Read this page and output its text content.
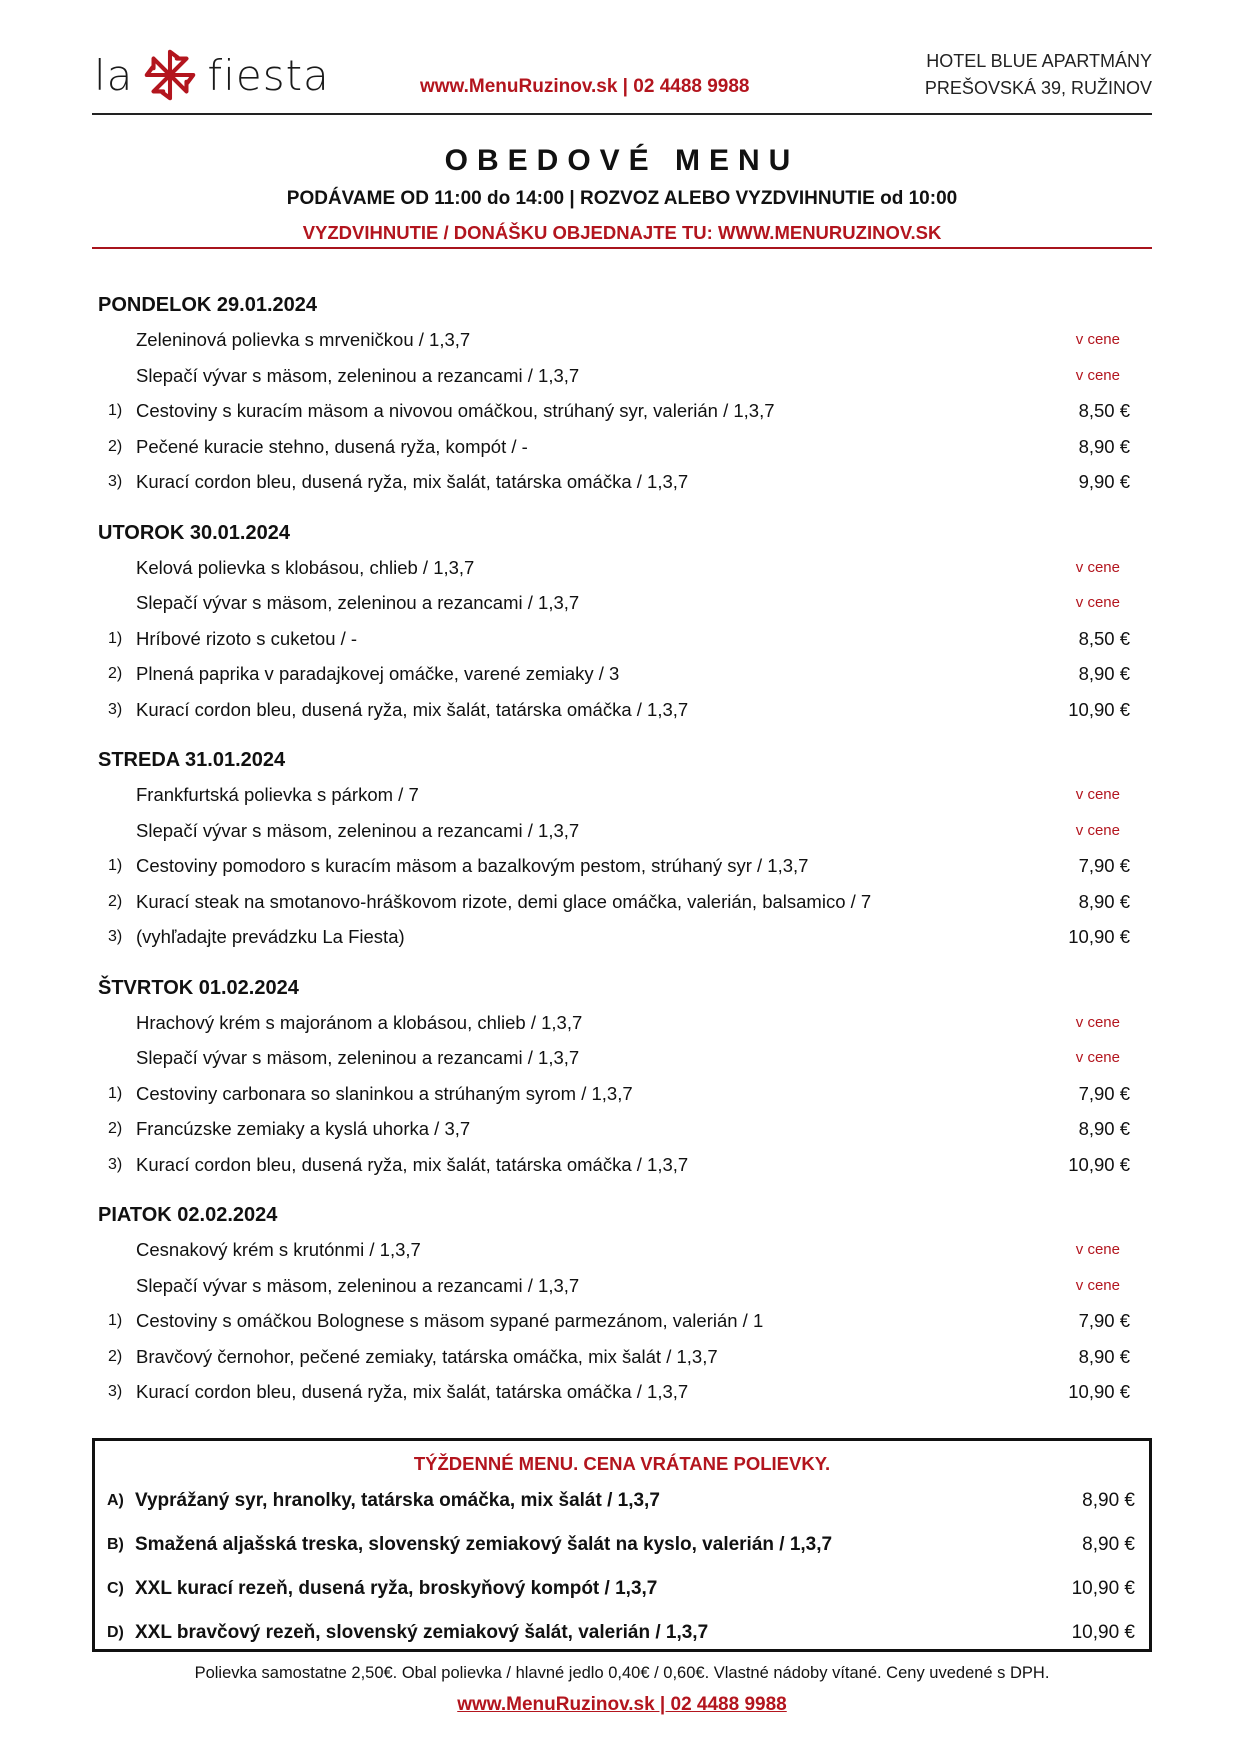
la fiesta	www.MenuRuzinov.sk | 02 4488 9988
HOTEL BLUE APARTMÁNY
PREŠOVSKÁ 39, RUŽINOV
OBEDOVÉ MENU
PODÁVAME OD 11:00 do 14:00 | ROZVOZ ALEBO VYZDVIHNUTIE od 10:00
VYZDVIHNUTIE / DONÁŠKU OBJEDNAJTE TU: WWW.MENURUZINOV.SK
PONDELOK 29.01.2024
Zeleninová polievka s mrveničkou / 1,3,7	v cene
Slepačí vývar s mäsom, zeleninou a rezancami / 1,3,7	v cene
1) Cestoviny s kuracím mäsom a nivovou omáčkou, strúhaný syr, valerián / 1,3,7	8,50 €
2) Pečené kuracie stehno, dusená ryža, kompót / -	8,90 €
3) Kurací cordon bleu, dusená ryža, mix šalát, tatárska omáčka / 1,3,7	9,90 €
UTOROK 30.01.2024
Kelová polievka s klobásou, chlieb / 1,3,7	v cene
Slepačí vývar s mäsom, zeleninou a rezancami / 1,3,7	v cene
1) Hríbové rizoto s cuketou / -	8,50 €
2) Plnená paprika v paradajkovej omáčke, varené zemiaky / 3	8,90 €
3) Kurací cordon bleu, dusená ryža, mix šalát, tatárska omáčka / 1,3,7	10,90 €
STREDA 31.01.2024
Frankfurtská polievka s párkom / 7	v cene
Slepačí vývar s mäsom, zeleninou a rezancami / 1,3,7	v cene
1) Cestoviny pomodoro s kuracím mäsom a bazalkovým pestom, strúhaný syr / 1,3,7	7,90 €
2) Kurací steak na smotanovo-hráškovom rizote, demi glace omáčka, valerián, balsamico / 7	8,90 €
3) (vyhľadajte prevádzku La Fiesta)	10,90 €
ŠTVRTOK 01.02.2024
Hrachový krém s majoránom a klobásou, chlieb / 1,3,7	v cene
Slepačí vývar s mäsom, zeleninou a rezancami / 1,3,7	v cene
1) Cestoviny carbonara so slaninkou a strúhaným syrom / 1,3,7	7,90 €
2) Francúzske zemiaky a kyslá uhorka / 3,7	8,90 €
3) Kurací cordon bleu, dusená ryža, mix šalát, tatárska omáčka / 1,3,7	10,90 €
PIATOK 02.02.2024
Cesnakový krém s krutónmi / 1,3,7	v cene
Slepačí vývar s mäsom, zeleninou a rezancami / 1,3,7	v cene
1) Cestoviny s omáčkou Bolognese s mäsom sypané parmezánom, valerián / 1	7,90 €
2) Bravčový černohor, pečené zemiaky, tatárska omáčka, mix šalát / 1,3,7	8,90 €
3) Kurací cordon bleu, dusená ryža, mix šalát, tatárska omáčka / 1,3,7	10,90 €
TÝŽDENNÉ MENU. CENA VRÁTANE POLIEVKY.
A) Vyprážaný syr, hranolky, tatárska omáčka, mix šalát / 1,3,7	8,90 €
B) Smažená aljašská treska, slovenský zemiakový šalát na kyslo, valerián / 1,3,7	8,90 €
C) XXL kurací rezeň, dusená ryža, broskyňový kompót / 1,3,7	10,90 €
D) XXL bravčový rezeň, slovenský zemiakový šalát, valerián / 1,3,7	10,90 €
Polievka samostatne 2,50€. Obal polievka / hlavné jedlo 0,40€ / 0,60€. Vlastné nádoby vítané. Ceny uvedené s DPH.
www.MenuRuzinov.sk | 02 4488 9988
